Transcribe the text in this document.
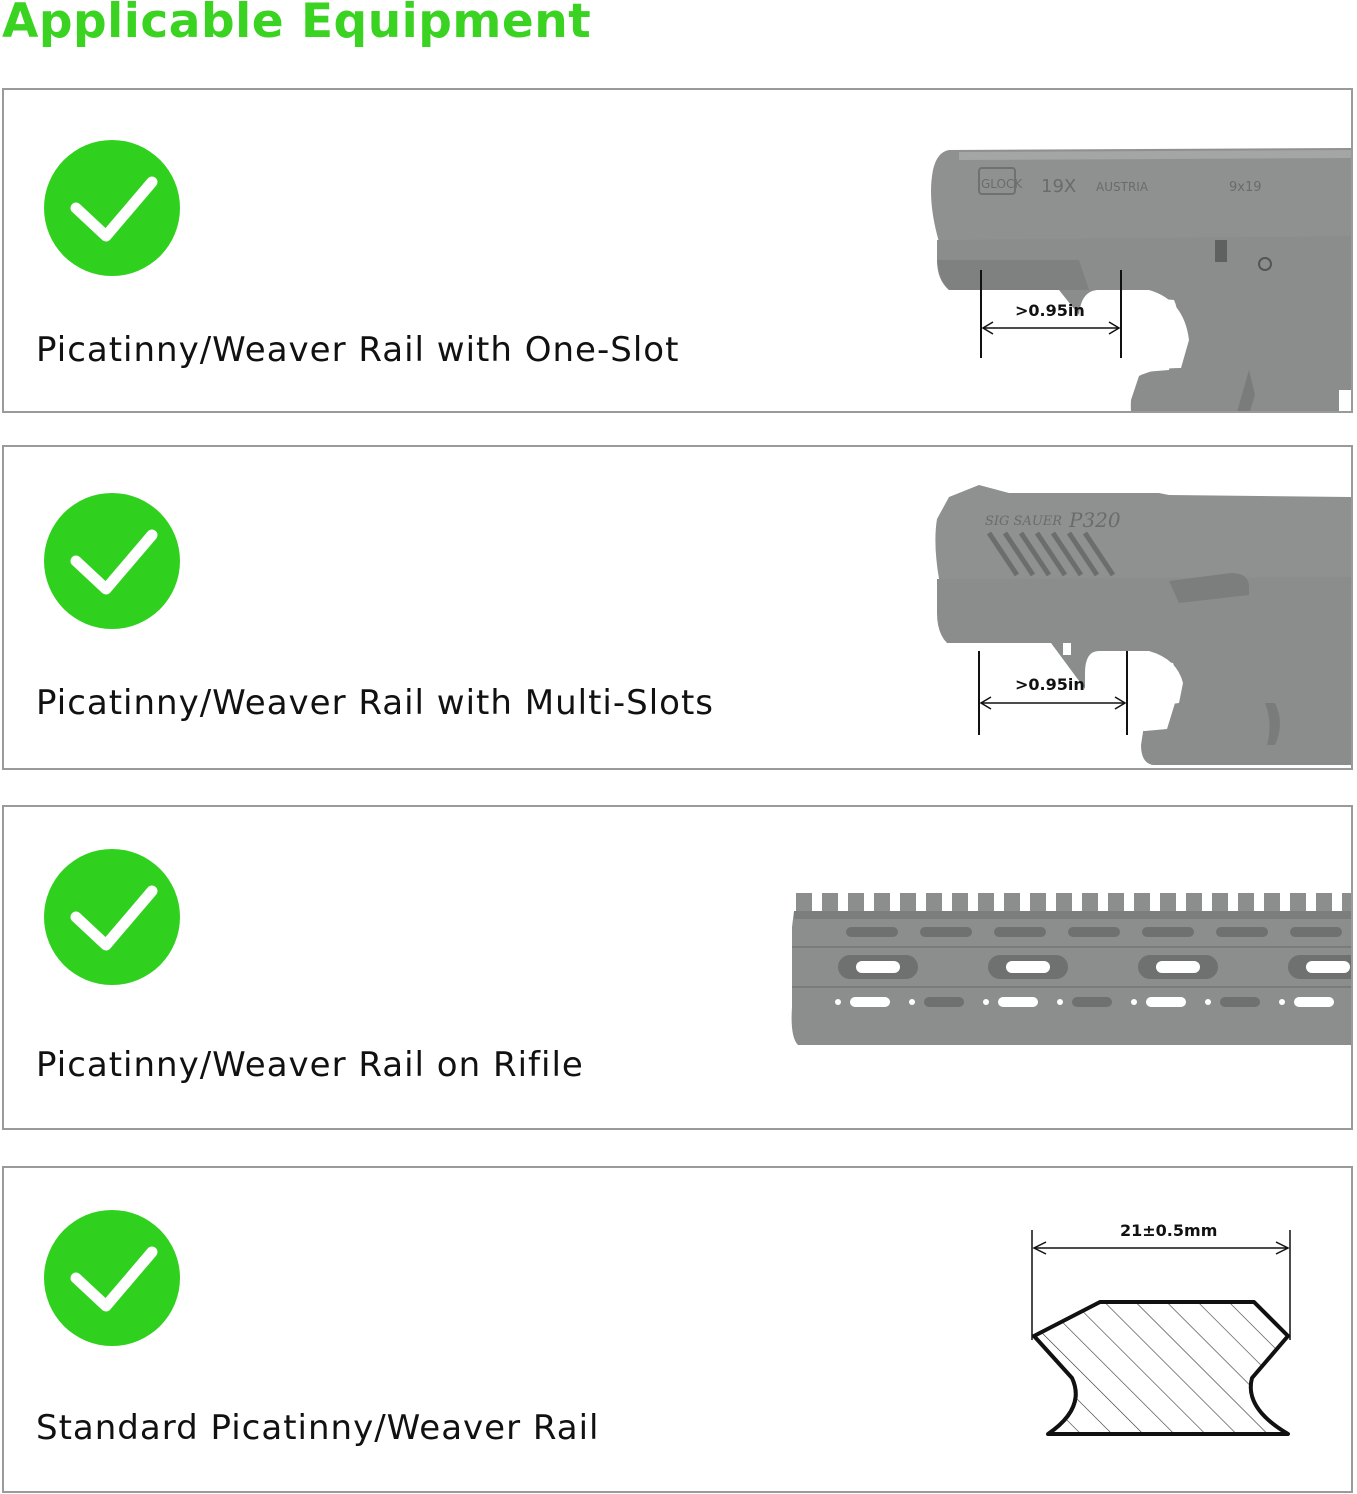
Applicable Equipment
Picatinny/Weaver Rail with One-Slot
GLOCK 19X AUSTRIA	9x19
>0.95in
Picatinny/Weaver Rail with Multi-Slots
SIG SAUER P320
>0.95in
Picatinny/Weaver Rail on Rifile
Standard Picatinny/Weaver Rail
21±0.5mm
